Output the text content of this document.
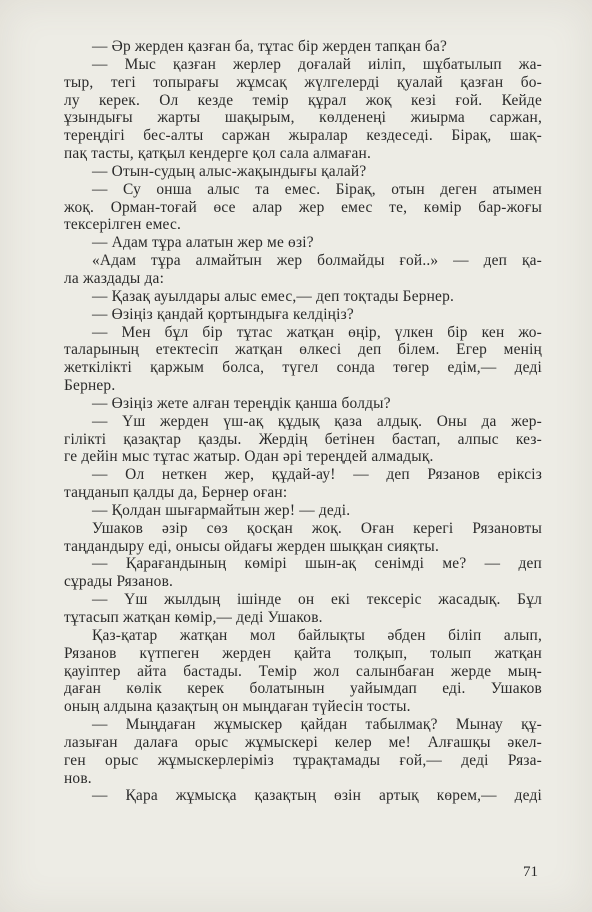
— Әр жерден қазған ба, тұтас бір жерден тапқан ба?
— Мыс қазған жерлер доғалай иіліп, шұбатылып жа-
тыр, тегі топырағы жұмсақ жүлгелерді қуалай қазған бо-
лу керек. Ол кезде темір құрал жоқ кезі ғой. Кейде
ұзындығы жарты шақырым, көлденеңі жиырма саржан,
тереңдігі бес-алты саржан жыралар кездеседі. Бірақ, шақ-
пақ тасты, қатқыл кендерге қол сала алмаған.
— Отын-судың алыс-жақындығы қалай?
— Су онша алыс та емес. Бірақ, отын деген атымен
жоқ. Орман-тоғай өсе алар жер емес те, көмір бар-жоғы
тексерілген емес.
— Адам тұра алатын жер ме өзі?
«Адам тұра алмайтын жер болмайды ғой..» — деп қа-
ла жаздады да:
— Қазақ ауылдары алыс емес,— деп тоқтады Бернер.
— Өзіңіз қандай қортындыға келдіңіз?
— Мен бұл бір тұтас жатқан өңір, үлкен бір кен жо-
таларының етектесіп жатқан өлкесі деп білем. Егер менің
жеткілікті қаржым болса, түгел сонда төгер едім,— деді
Бернер.
— Өзіңіз жете алған тереңдік қанша болды?
— Үш жерден үш-ақ құдық қаза алдық. Оны да жер-
гілікті қазақтар қазды. Жердің бетінен бастап, алпыс кез-
ге дейін мыс тұтас жатыр. Одан әрі тереңдей алмадық.
— Ол неткен жер, құдай-ау! — деп Рязанов еріксіз
таңданып қалды да, Бернер оған:
— Қолдан шығармайтын жер! — деді.
Ушаков әзір сөз қосқан жоқ. Оған керегі Рязановты
таңдандыру еді, онысы ойдағы жерден шыққан сияқты.
— Қарағандының көмірі шын-ақ сенімді ме? — деп
сұрады Рязанов.
— Үш жылдың ішінде он екі тексеріс жасадық. Бұл
тұтасып жатқан көмір,— деді Ушаков.
Қаз-қатар жатқан мол байлықты әбден біліп алып,
Рязанов күтпеген жерден қайта толқып, толып жатқан
қауіптер айта бастады. Темір жол салынбаған жерде мың-
даған көлік керек болатынын уайымдап еді. Ушаков
оның алдына қазақтың он мыңдаған түйесін тосты.
— Мыңдаған жұмыскер қайдан табылмақ? Мынау құ-
лазыған далаға орыс жұмыскері келер ме! Алғашқы әкел-
ген орыс жұмыскерлеріміз тұрақтамады ғой,— деді Ряза-
нов.
— Қара жұмысқа қазақтың өзін артық көрем,— деді
71
